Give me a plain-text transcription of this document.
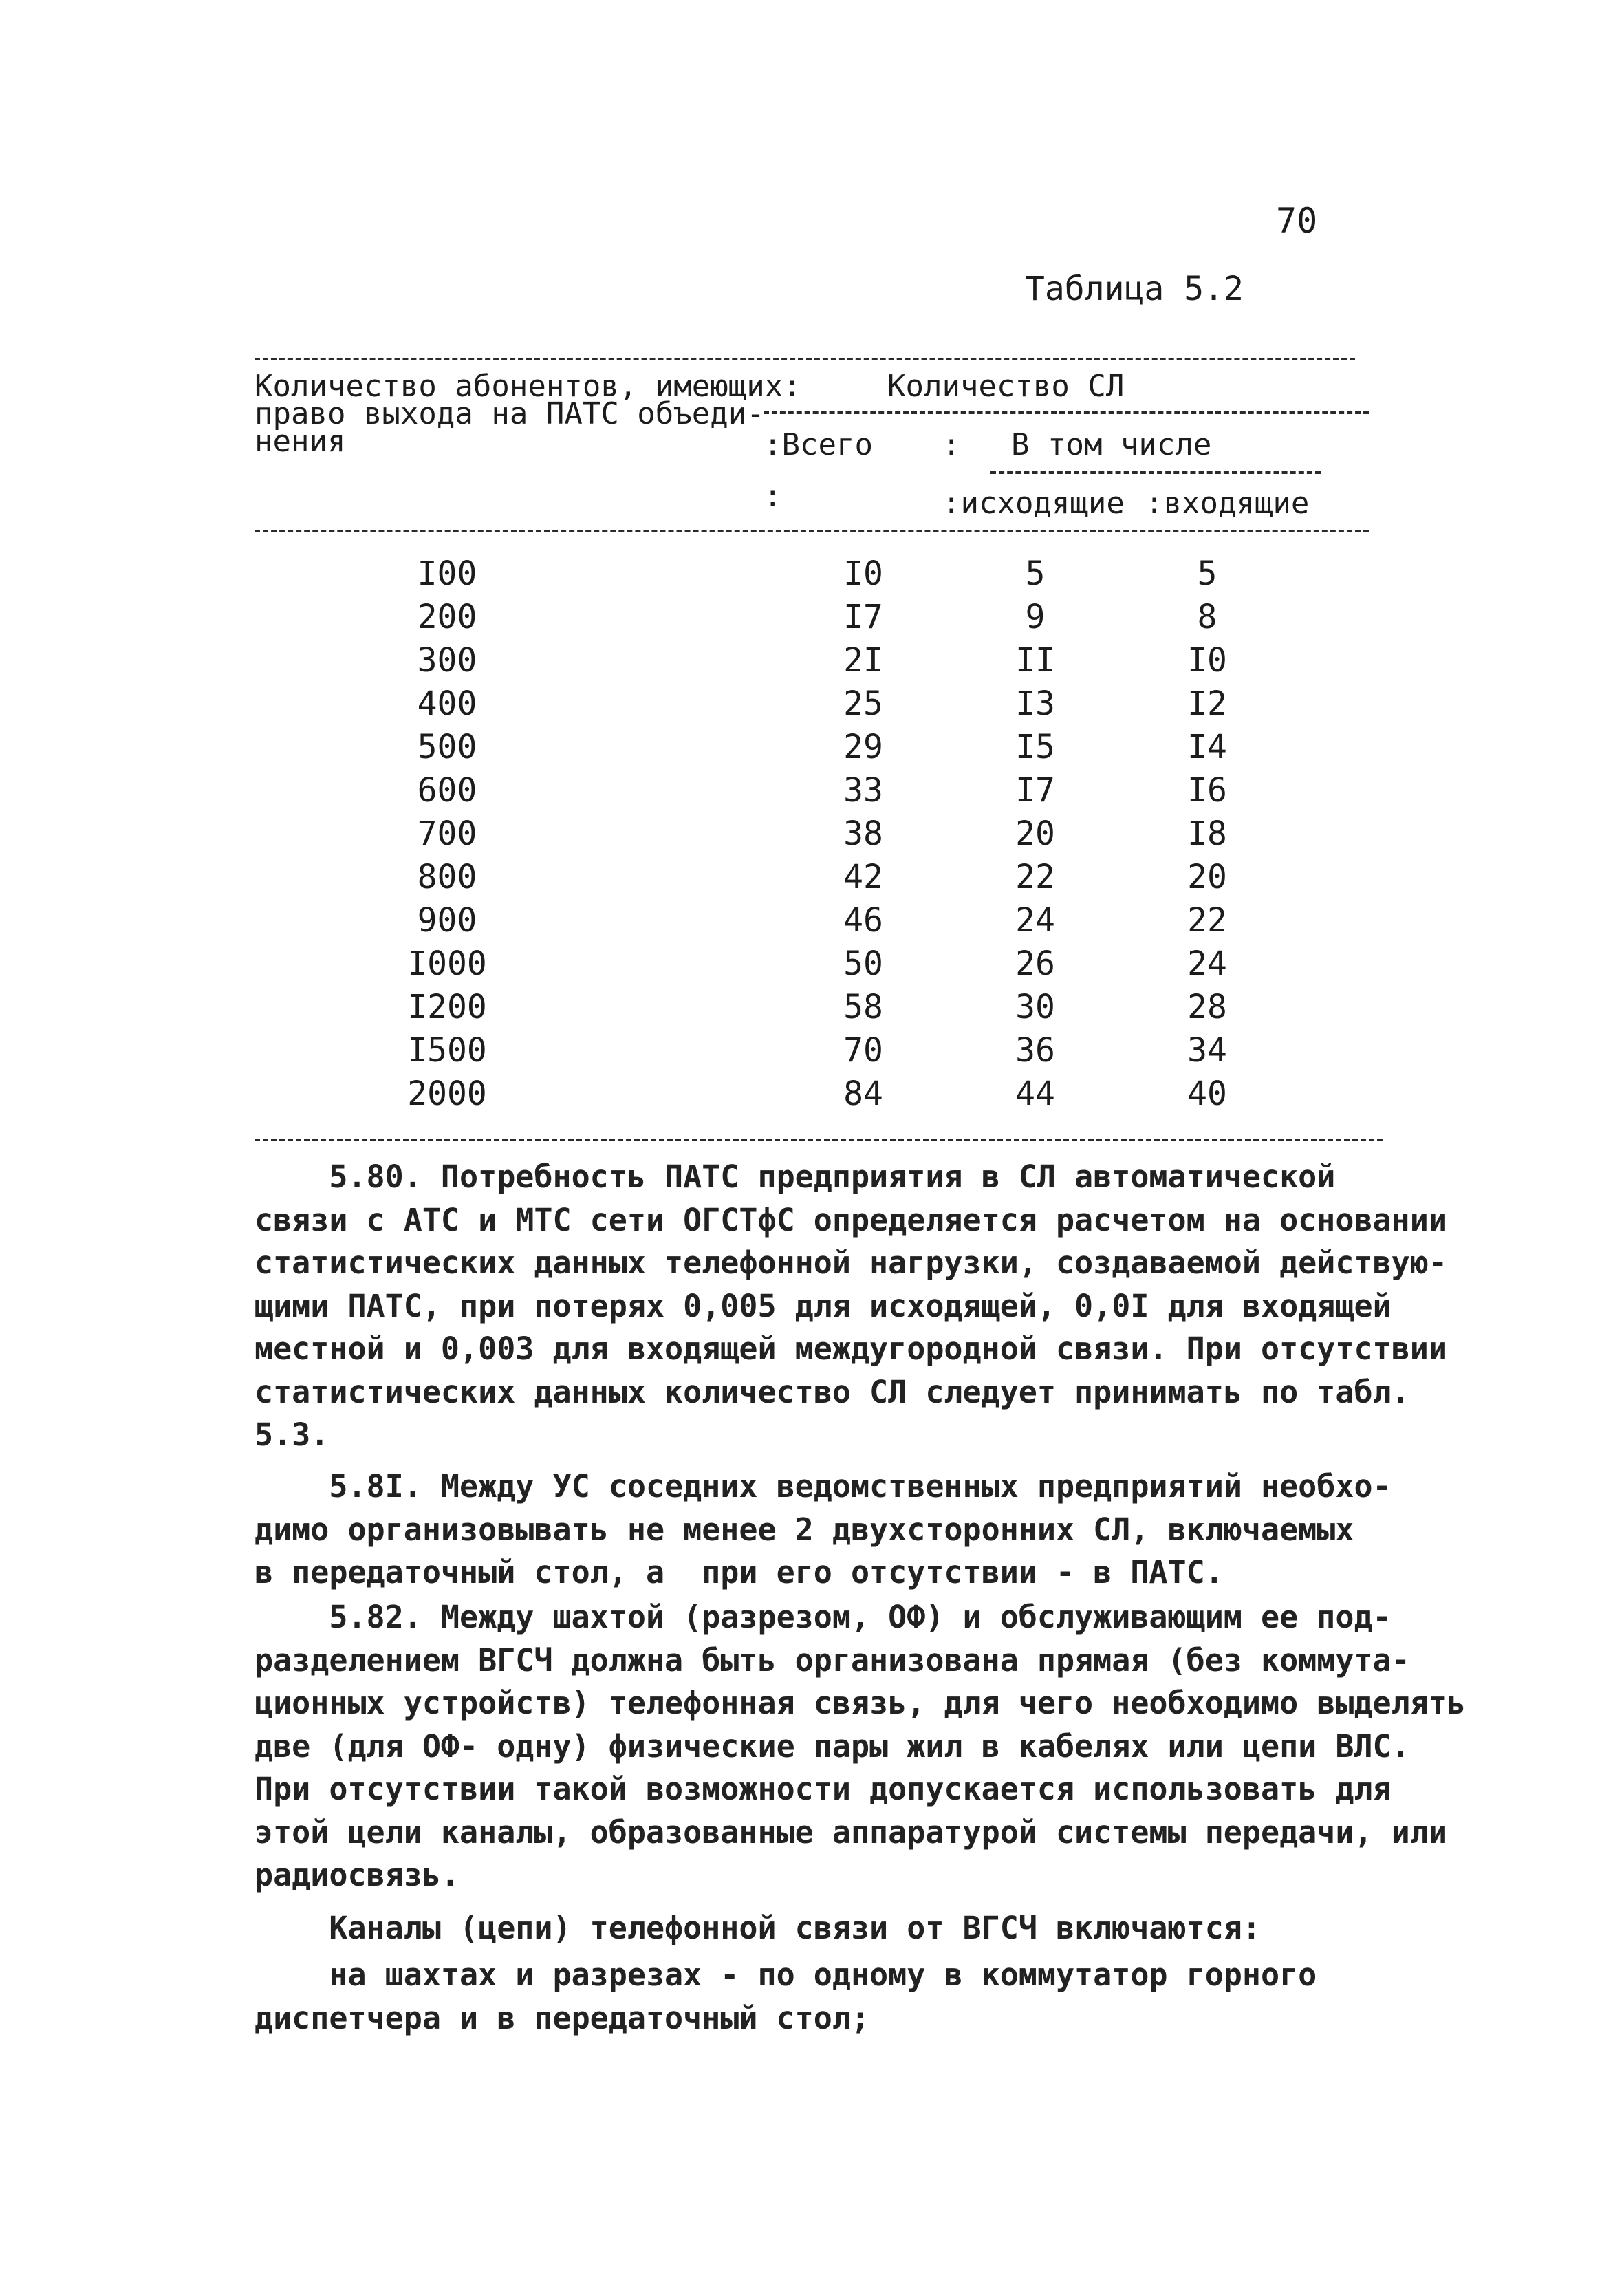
70
Таблица 5.2
Количество абонентов, имеющих:
право выхода на ПАТС объеди-
нения
Количество СЛ
:Всего : В том числе
:	:исходящие :входящие
I00	I0	5	5
200	I7	9	8
300	2I	II	I0
400	25	I3	I2
500	29	I5	I4
600	33	I7	I6
700	38	20	I8
800	42	22	20
900	46	24	22
I000	50	26	24
I200	58	30	28
I500	70	36	34
2000	84	44	40

5.80. Потребность ПАТС предприятия в СЛ автоматической
связи с АТС и МТС сети ОГСТфС определяется расчетом на основании
статистических данных телефонной нагрузки, создаваемой действую-
щими ПАТС, при потерях 0,005 для исходящей, 0,0I для входящей
местной и 0,003 для входящей междугородной связи. При отсутствии
статистических данных количество СЛ следует принимать по табл.
5.3.

5.8I. Между УС соседних ведомственных предприятий необхо-
димо организовывать не менее 2 двухсторонних СЛ, включаемых
в передаточный стол, а  при его отсутствии - в ПАТС.

5.82. Между шахтой (разрезом, ОФ) и обслуживающим ее под-
разделением ВГСЧ должна быть организована прямая (без коммута-
ционных устройств) телефонная связь, для чего необходимо выделять
две (для ОФ- одну) физические пары жил в кабелях или цепи ВЛС.
При отсутствии такой возможности допускается использовать для
этой цели каналы, образованные аппаратурой системы передачи, или
радиосвязь.

Каналы (цепи) телефонной связи от ВГСЧ включаются:

на шахтах и разрезах - по одному в коммутатор горного
диспетчера и в передаточный стол;
